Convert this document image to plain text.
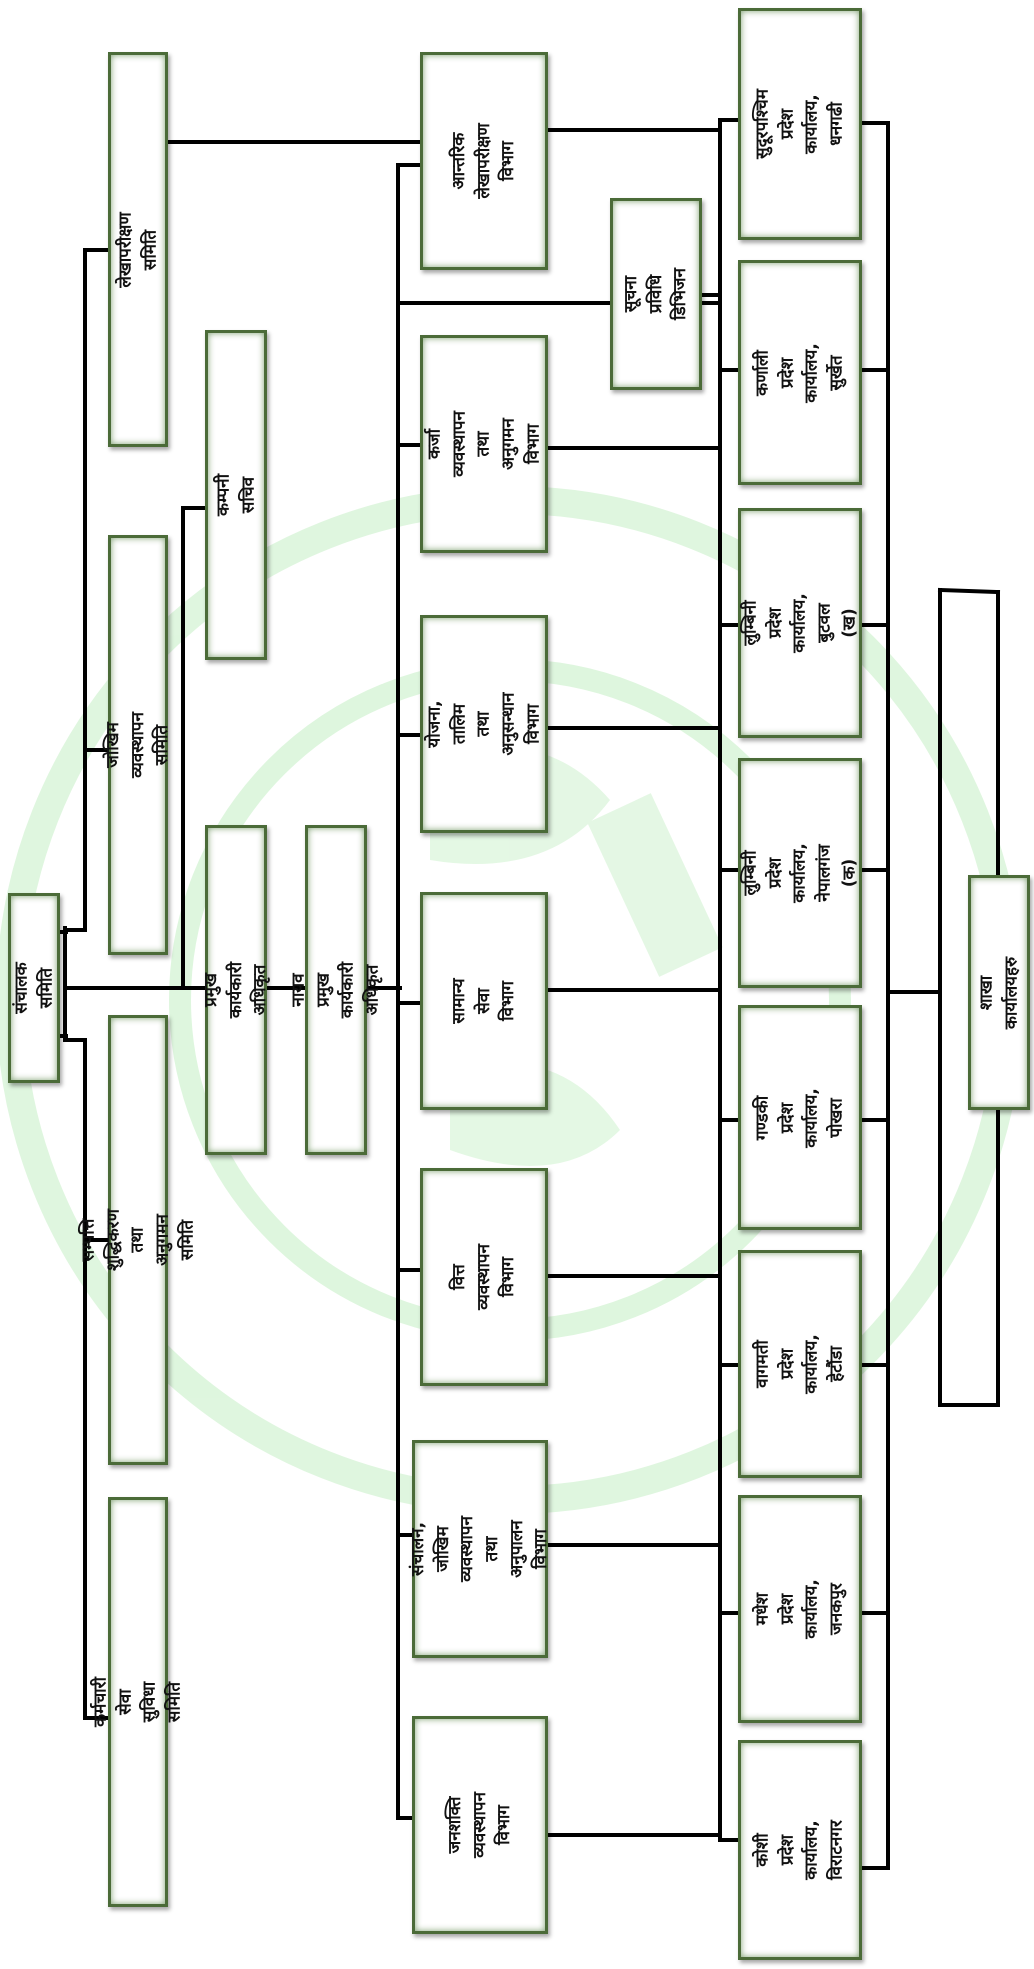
संचालक समिति
लेखापरीक्षण समिति
जोखिम व्यवस्थापन समिति
सम्पत्ति शुद्धिकरण तथा अनुगमन समिति
कर्मचारी सेवा सुविधा समिति
कम्पनी सचिव
प्रमुख कार्यकारी अधिकृत नायव प्रमुख कार्यकारी अधिकृत
आन्तरिक
लेखापरीक्षण
विभाग
सूचना प्रविधि
डिभिजन
कर्जा व्यवस्थापन
तथा अनुगमन
विभाग
योजना, तालिम
तथा अनुसन्धान
विभाग
सामान्य सेवा
विभाग
वित्त व्यवस्थापन
विभाग
संचालन, जोखिम
व्यवस्थापन तथा
अनुपालन विभाग
जनशक्ति
व्यवस्थापन विभाग
सुदूरपश्चिम प्रदेश
कार्यालय, धनगढी
कर्णाली प्रदेश
कार्यालय, सुर्खेत
लुम्बिनी प्रदेश
कार्यालय, बुटवल
(ख)
लुम्बिनी प्रदेश
कार्यालय, नेपालगंज
(क)
गण्डकी प्रदेश
कार्यालय, पोखरा
वागमती प्रदेश
कार्यालय, हेटौंडा
मधेश प्रदेश
कार्यालय, जनकपुर
कोशी प्रदेश
कार्यालय, विराटनगर
शाखा कार्यालयहरु
